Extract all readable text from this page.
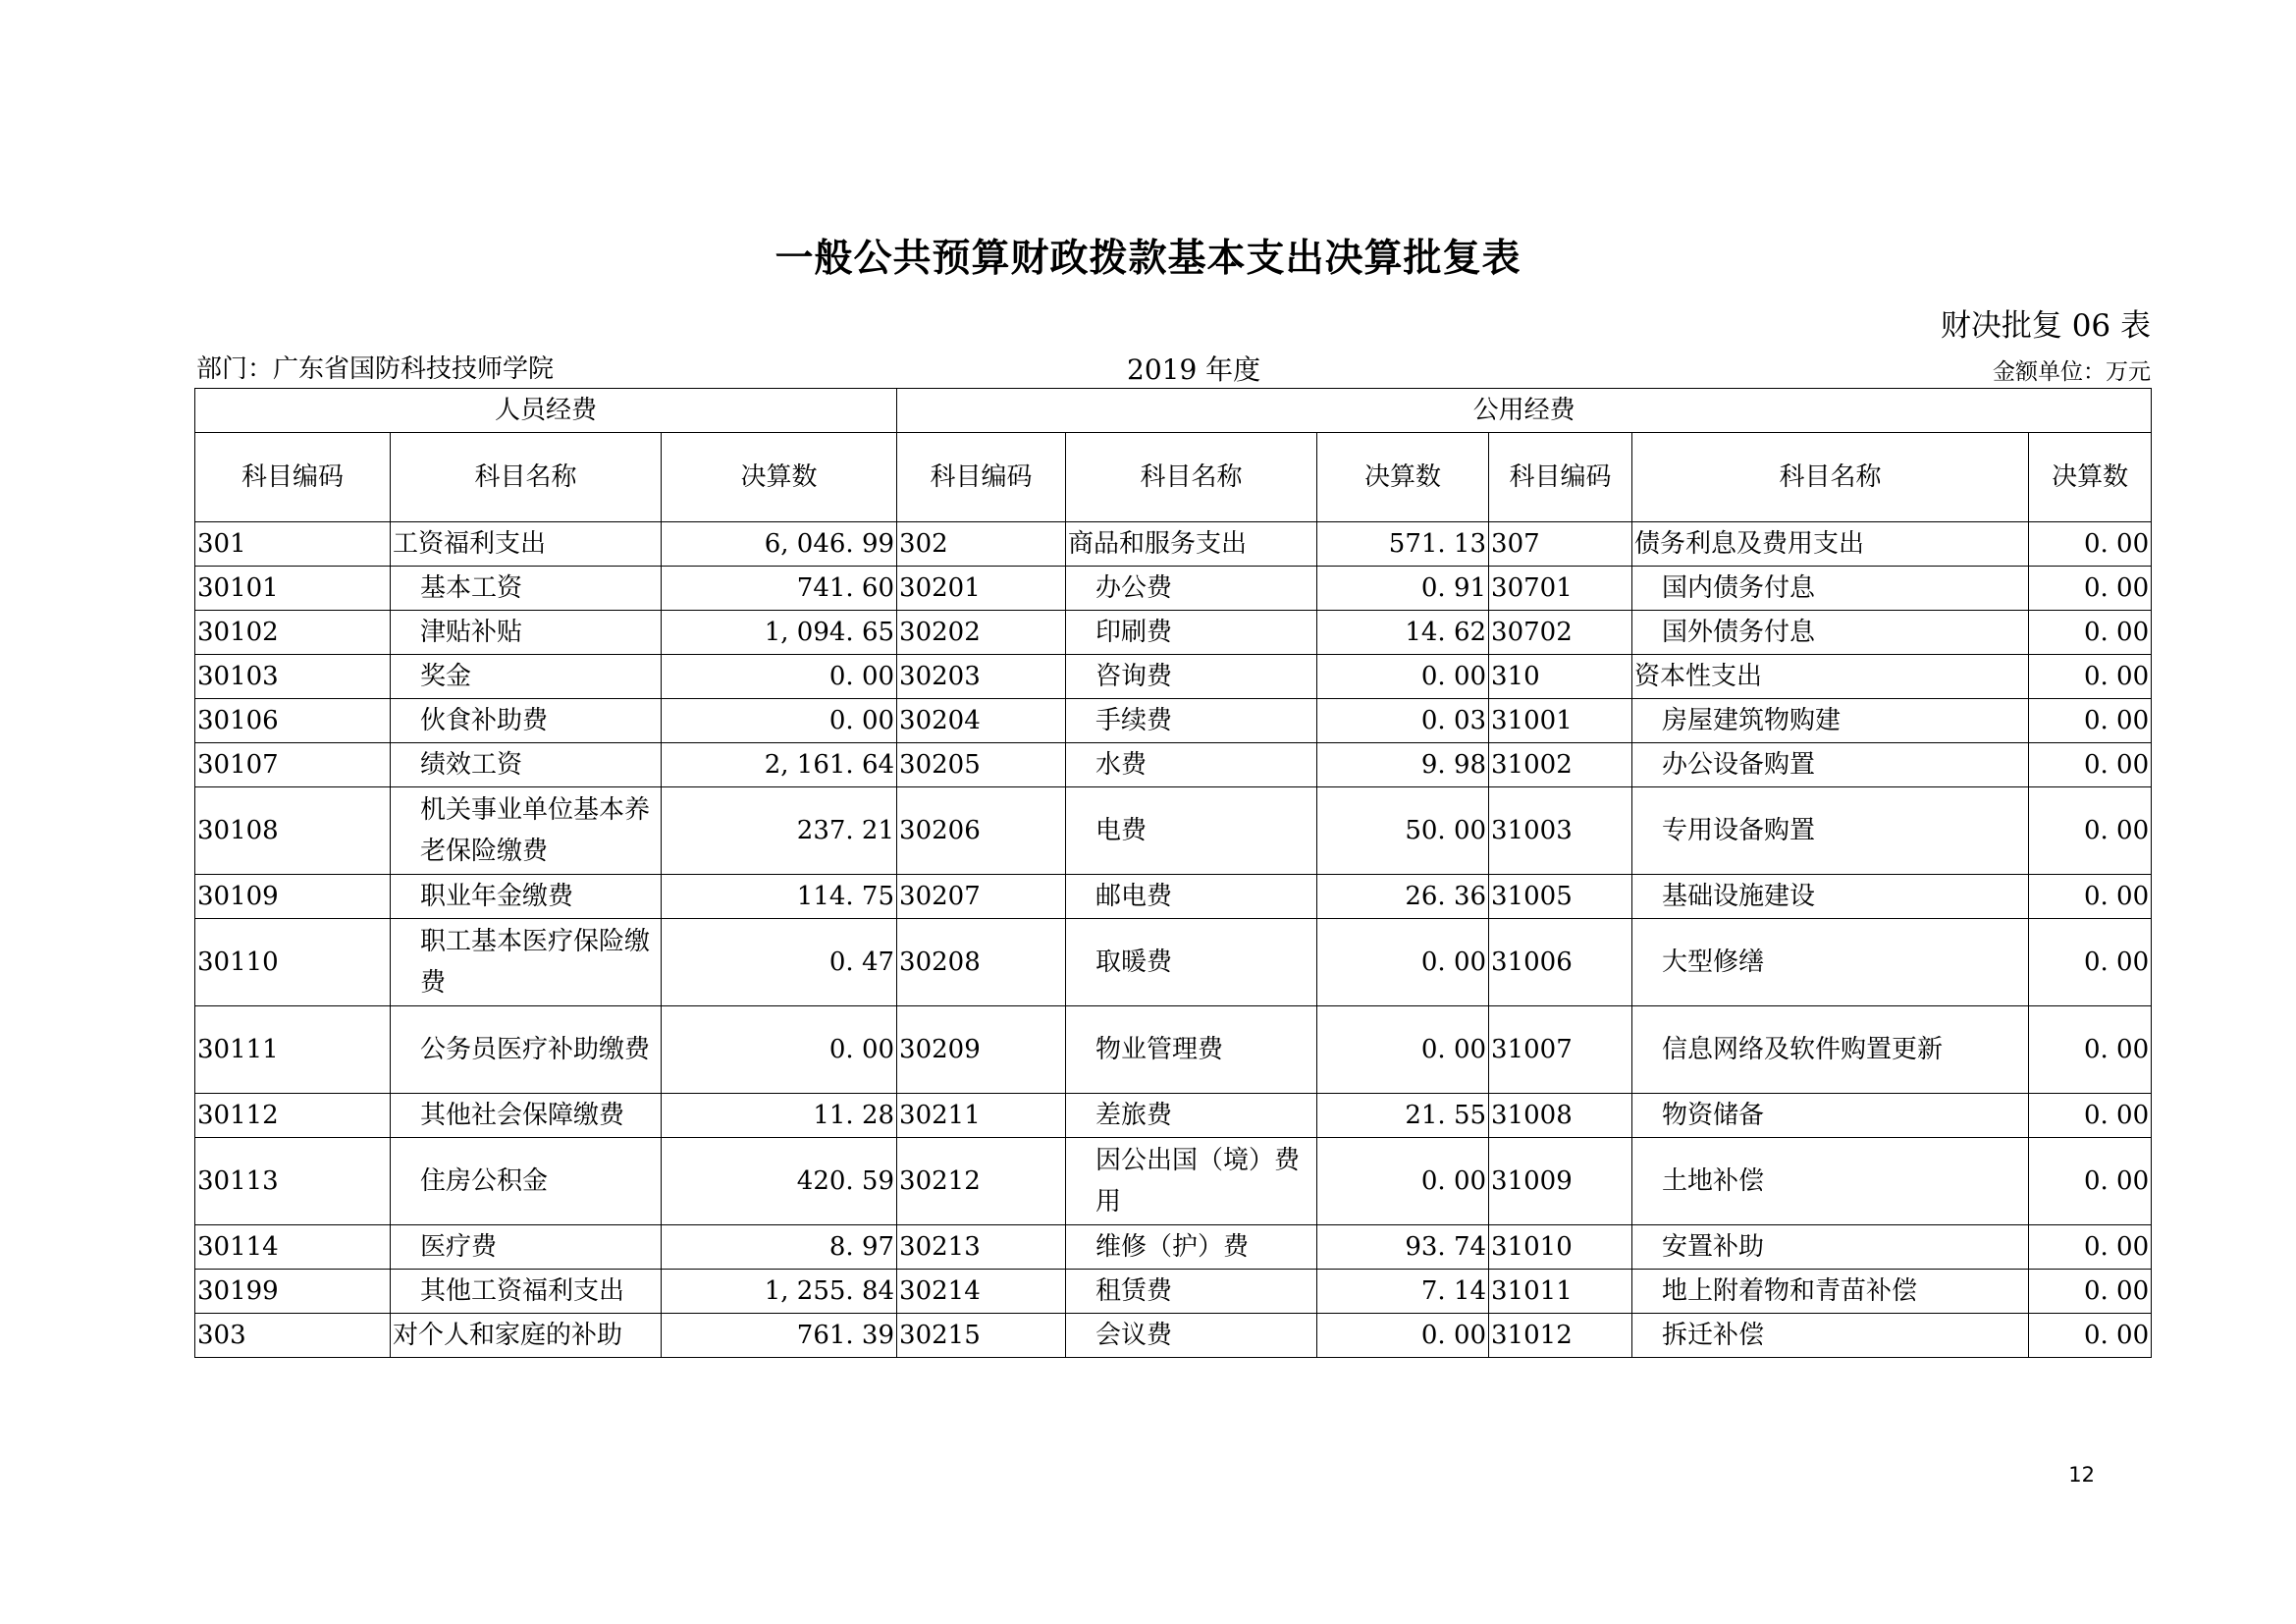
一般公共预算财政拨款基本支出决算批复表
财决批复 06 表
部门：广东省国防科技技师学院	2019 年度	金额单位：万元
人员经费			公用经费					
科目编码	科目名称	决算数	科目编码	科目名称	决算数	科目编码	科目名称	决算数
301	工资福利支出	6, 046. 99	302	商品和服务支出	571. 13	307	债务利息及费用支出	0. 00
30101	基本工资	741. 60	30201	办公费	0. 91	30701	国内债务付息	0. 00
30102	津贴补贴	1, 094. 65	30202	印刷费	14. 62	30702	国外债务付息	0. 00
30103	奖金	0. 00	30203	咨询费	0. 00	310	资本性支出	0. 00
30106	伙食补助费	0. 00	30204	手续费	0. 03	31001	房屋建筑物购建	0. 00
30107	绩效工资	2, 161. 64	30205	水费	9. 98	31002	办公设备购置	0. 00
30108	机关事业单位基本养老保险缴费	237. 21	30206	电费	50. 00	31003	专用设备购置	0. 00
30109	职业年金缴费	114. 75	30207	邮电费	26. 36	31005	基础设施建设	0. 00
30110	职工基本医疗保险缴费	0. 47	30208	取暖费	0. 00	31006	大型修缮	0. 00
30111	公务员医疗补助缴费	0. 00	30209	物业管理费	0. 00	31007	信息网络及软件购置更新	0. 00
30112	其他社会保障缴费	11. 28	30211	差旅费	21. 55	31008	物资储备	0. 00
30113	住房公积金	420. 59	30212	因公出国（境）费用	0. 00	31009	土地补偿	0. 00
30114	医疗费	8. 97	30213	维修（护）费	93. 74	31010	安置补助	0. 00
30199	其他工资福利支出	1, 255. 84	30214	租赁费	7. 14	31011	地上附着物和青苗补偿	0. 00
303	对个人和家庭的补助	761. 39	30215	会议费	0. 00	31012	拆迁补偿	0. 00
12
